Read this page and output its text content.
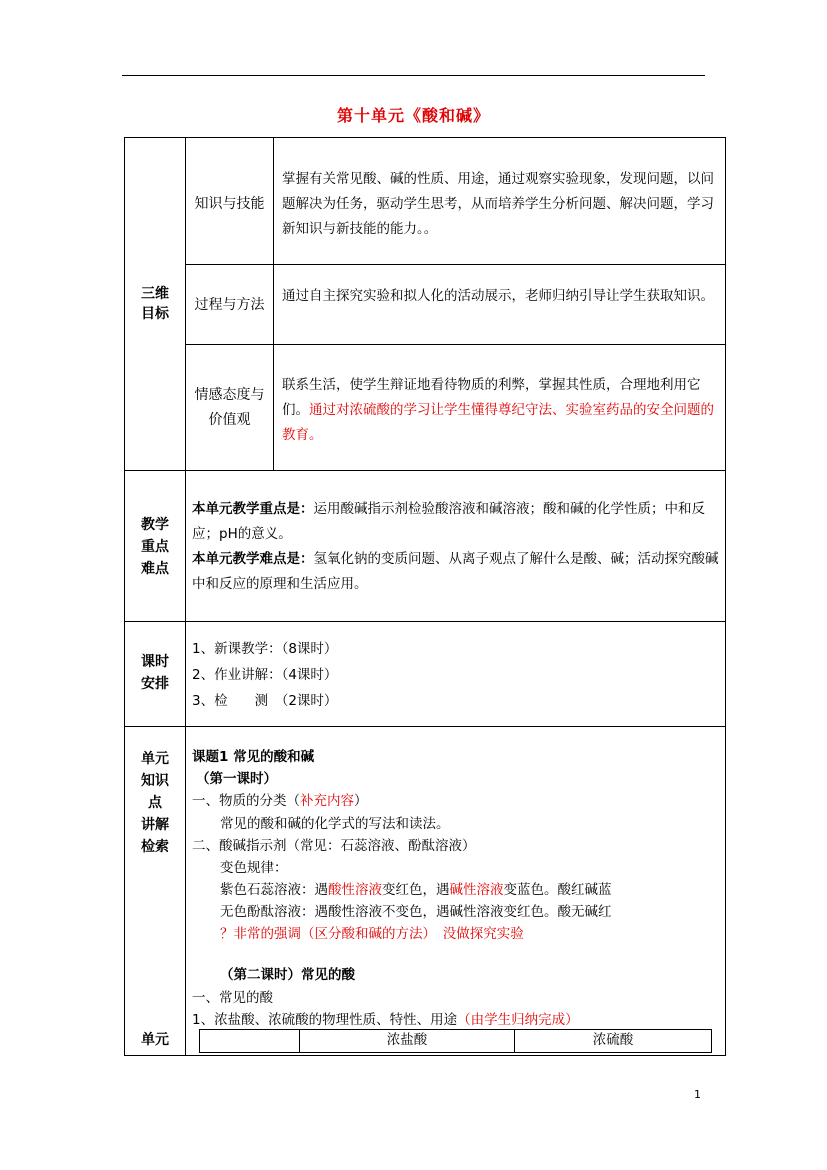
第十单元《酸和碱》
三维
目标
知识与技能
掌握有关常见酸、碱的性质、用途，通过观察实验现象，发现问题，以问题解决为任务，驱动学生思考，从而培养学生分析问题、解决问题，学习新知识与新技能的能力。。
过程与方法
通过自主探究实验和拟人化的活动展示，老师归纳引导让学生获取知识。
情感态度与
价值观
联系生活，使学生辩证地看待物质的利弊，掌握其性质，合理地利用它们。通过对浓硫酸的学习让学生懂得尊纪守法、实验室药品的安全问题的教育。
教学
重点
难点
本单元教学重点是：运用酸碱指示剂检验酸溶液和碱溶液；酸和碱的化学性质；中和反应；pH的意义。
本单元教学难点是：氢氧化钠的变质问题、从离子观点了解什么是酸、碱；活动探究酸碱中和反应的原理和生活应用。
课时
安排
1、新课教学：（8课时）
2、作业讲解：（4课时）
3、检　　测　（2课时）
单元
知识
点
讲解
检索
单元
课题1 常见的酸和碱
（第一课时）
一、物质的分类（补充内容）
常见的酸和碱的化学式的写法和读法。
二、酸碱指示剂（常见：石蕊溶液、酚酞溶液）
变色规律：
紫色石蕊溶液：遇酸性溶液变红色，遇碱性溶液变蓝色。酸红碱蓝
无色酚酞溶液：遇酸性溶液不变色，遇碱性溶液变红色。酸无碱红
？非常的强调（区分酸和碱的方法）　没做探究实验
（第二课时）常见的酸
一、常见的酸
1、浓盐酸、浓硫酸的物理性质、特性、用途（由学生归纳完成）
浓盐酸	浓硫酸
1
